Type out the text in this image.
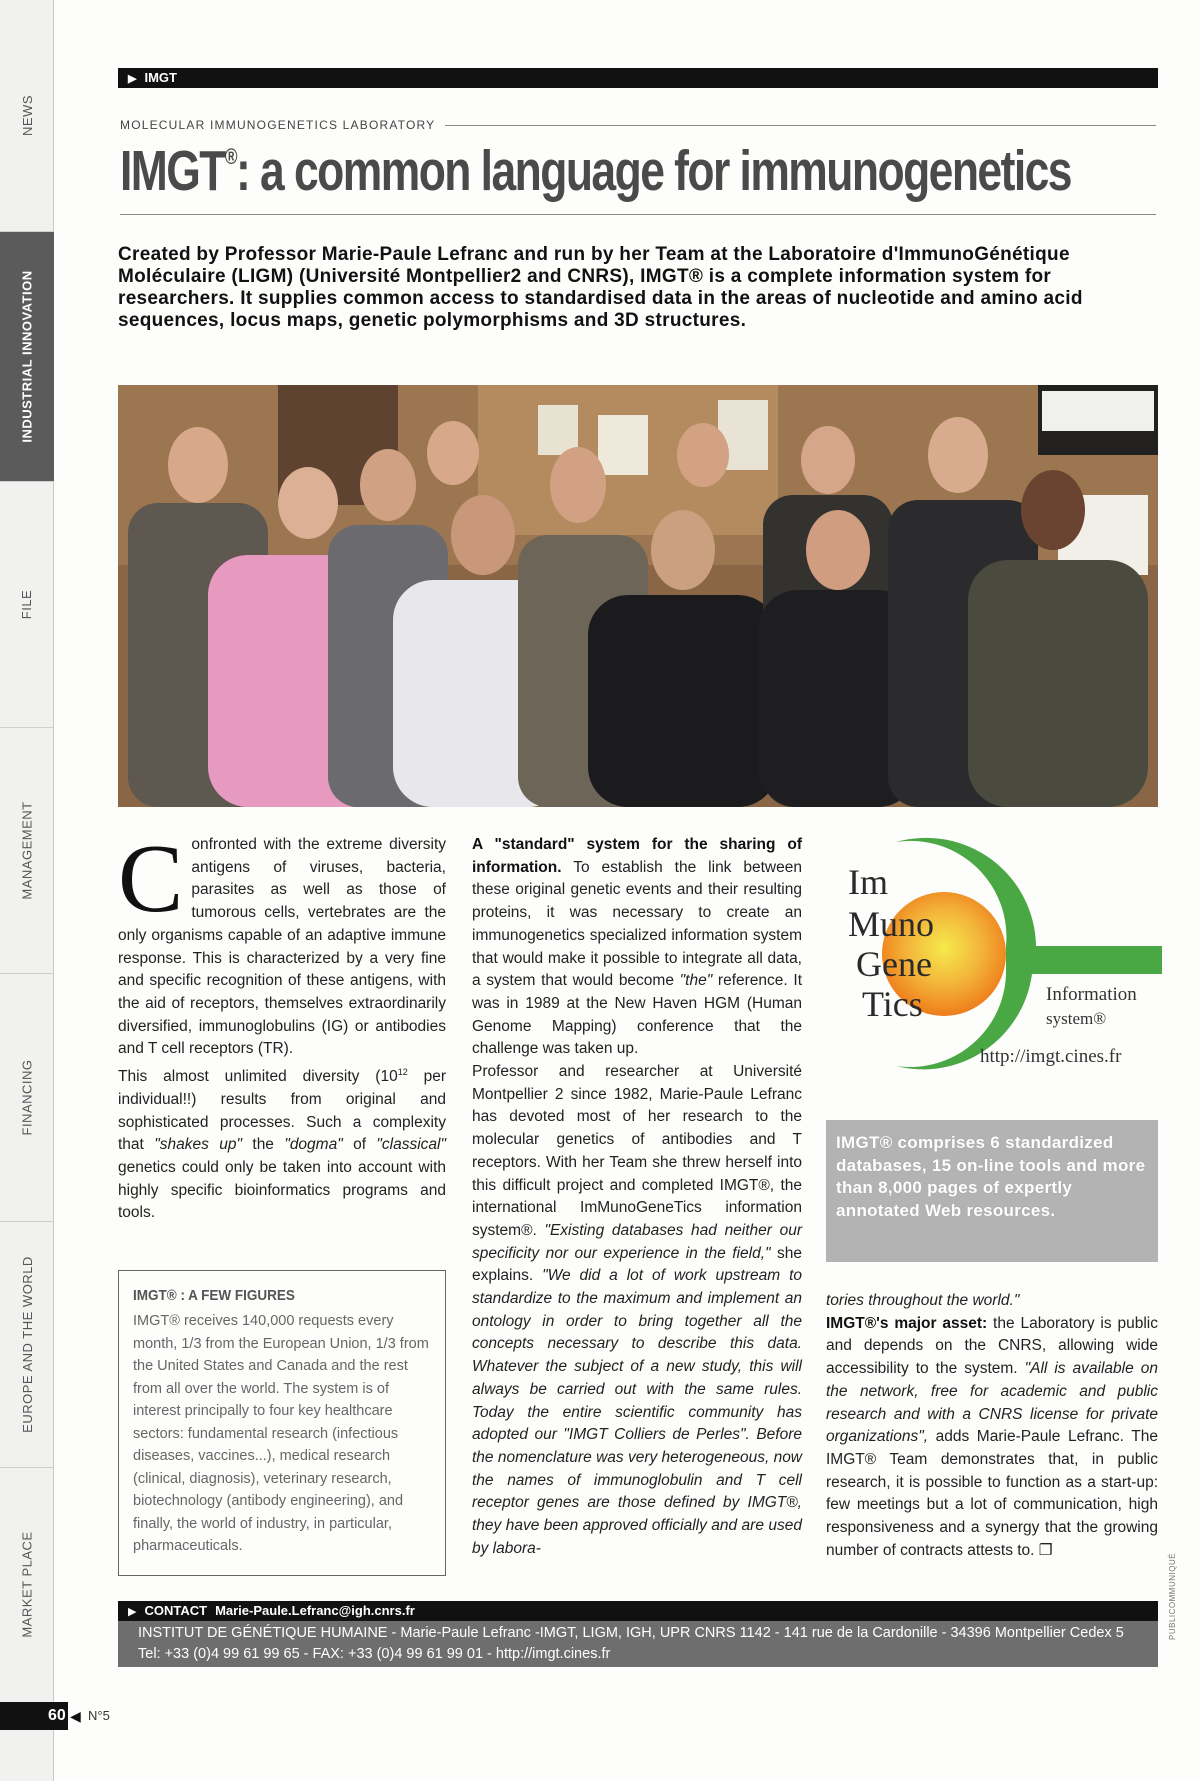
NEWS
INDUSTRIAL INNOVATION
FILE
MANAGEMENT
FINANCING
EUROPE AND THE WORLD
MARKET PLACE
▶ IMGT
MOLECULAR IMMUNOGENETICS LABORATORY
IMGT®: a common language for immunogenetics

Created by Professor Marie-Paule Lefranc and run by her Team at the Laboratoire d'ImmunoGénétique Moléculaire (LIGM) (Université Montpellier2 and CNRS), IMGT® is a complete information system for researchers. It supplies common access to standardised data in the areas of nucleotide and amino acid sequences, locus maps, genetic polymorphisms and 3D structures.

C onfronted with the extreme diversity antigens of viruses, bacteria, parasites as well as those of tumorous cells, vertebrates are the only organisms capable of an adaptive immune response. This is characterized by a very fine and specific recognition of these antigens, with the aid of receptors, themselves extraordinarily diversified, immunoglobulins (IG) or antibodies and T cell receptors (TR).

This almost unlimited diversity ($10^{12}$ per individual!!) results from original and sophisticated processes. Such a complexity that "shakes up" the "dogma" of "classical" genetics could only be taken into account with highly specific bioinformatics programs and tools.

IMGT® : A FEW FIGURES

IMGT® receives 140,000 requests every month, 1/3 from the European Union, 1/3 from the United States and Canada and the rest from all over the world. The system is of interest principally to four key healthcare sectors: fundamental research (infectious diseases, vaccines...), medical research (clinical, diagnosis), veterinary research, biotechnology (antibody engineering), and finally, the world of industry, in particular, pharmaceuticals.

A "standard" system for the sharing of information. To establish the link between these original genetic events and their resulting proteins, it was necessary to create an immunogenetics specialized information system that would make it possible to integrate all data, a system that would become "the" reference. It was in 1989 at the New Haven HGM (Human Genome Mapping) conference that the challenge was taken up.

Professor and researcher at Université Montpellier 2 since 1982, Marie-Paule Lefranc has devoted most of her research to the molecular genetics of antibodies and T receptors. With her Team she threw herself into this difficult project and completed IMGT®, the international ImMunoGeneTics information system®. "Existing databases had neither our specificity nor our experience in the field," she explains. "We did a lot of work upstream to standardize to the maximum and implement an ontology in order to bring together all the concepts necessary to describe this data. Whatever the subject of a new study, this will always be carried out with the same rules. Today the entire scientific community has adopted our "IMGT Colliers de Perles". Before the nomenclature was very heterogeneous, now the names of immunoglobulin and T cell receptor genes are those defined by IMGT®, they have been approved officially and are used by labora-

Im
Muno
Gene
Tics	Information
system®
http://imgt.cines.fr
IMGT® comprises 6 standardized databases, 15 on-line tools and more than 8,000 pages of expertly annotated Web resources.

tories throughout the world."

IMGT®'s major asset: the Laboratory is public and depends on the CNRS, allowing wide accessibility to the system. "All is available on the network, free for academic and public research and with a CNRS license for private organizations", adds Marie-Paule Lefranc. The IMGT® Team demonstrates that, in public research, it is possible to function as a start-up: few meetings but a lot of communication, high responsiveness and a synergy that the growing number of contracts attests to. ❐

▶ CONTACT Marie-Paule.Lefranc@igh.cnrs.fr
INSTITUT DE GÉNÉTIQUE HUMAINE - Marie-Paule Lefranc -IMGT, LIGM, IGH, UPR CNRS 1142 - 141 rue de la Cardonille - 34396 Montpellier Cedex 5
Tel: +33 (0)4 99 61 99 65 - FAX: +33 (0)4 99 61 99 01 - http://imgt.cines.fr
PUBLICOMMUNIQUÉ
60 ◀ N°5
